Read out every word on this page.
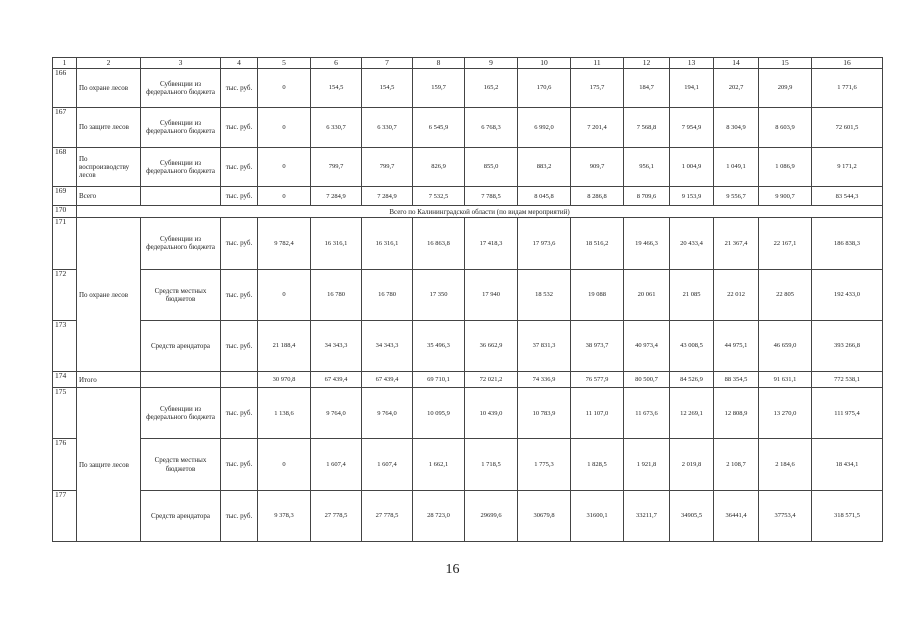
1	2	3	4	5	6	7	8	9	10	11	12	13	14	15	16
166	По охране лесов	Субвенции из федерального бюджета	тыс. руб.	0	154,5	154,5	159,7	165,2	170,6	175,7	184,7	194,1	202,7	209,9	1 771,6
167	По защите лесов	Субвенции из федерального бюджета	тыс. руб.	0	6 330,7	6 330,7	6 545,9	6 768,3	6 992,0	7 201,4	7 568,8	7 954,9	8 304,9	8 603,9	72 601,5
168	По воспроизводству лесов	Субвенции из федерального бюджета	тыс. руб.	0	799,7	799,7	826,9	855,0	883,2	909,7	956,1	1 004,9	1 049,1	1 086,9	9 171,2
169	Всего		тыс. руб.	0	7 284,9	7 284,9	7 532,5	7 788,5	8 045,8	8 286,8	8 709,6	9 153,9	9 556,7	9 900,7	83 544,3
170	Всего по Калининградской области (по видам мероприятий)														
171	По охране лесов	Субвенции из федерального бюджета	тыс. руб.	9 782,4	16 316,1	16 316,1	16 863,8	17 418,3	17 973,6	18 516,2	19 466,3	20 433,4	21 367,4	22 167,1	186 838,3
172		Средств местных бюджетов	тыс. руб.	0	16 780	16 780	17 350	17 940	18 532	19 088	20 061	21 085	22 012	22 805	192 433,0
173		Средств арендатора	тыс. руб.	21 188,4	34 343,3	34 343,3	35 496,3	36 662,9	37 831,3	38 973,7	40 973,4	43 008,5	44 975,1	46 659,0	393 266,8
174	Итого			30 970,8	67 439,4	67 439,4	69 710,1	72 021,2	74 336,9	76 577,9	80 500,7	84 526,9	88 354,5	91 631,1	772 538,1
175	По защите лесов	Субвенции из федерального бюджета	тыс. руб.	1 138,6	9 764,0	9 764,0	10 095,9	10 439,0	10 783,9	11 107,0	11 673,6	12 269,1	12 808,9	13 270,0	111 975,4
176		Средств местных бюджетов	тыс. руб.	0	1 607,4	1 607,4	1 662,1	1 718,5	1 775,3	1 828,5	1 921,8	2 019,8	2 108,7	2 184,6	18 434,1
177		Средств арендатора	тыс. руб.	9 378,3	27 778,5	27 778,5	28 723,0	29699,6	30679,8	31600,1	33211,7	34905,5	36441,4	37753,4	318 571,5
16
